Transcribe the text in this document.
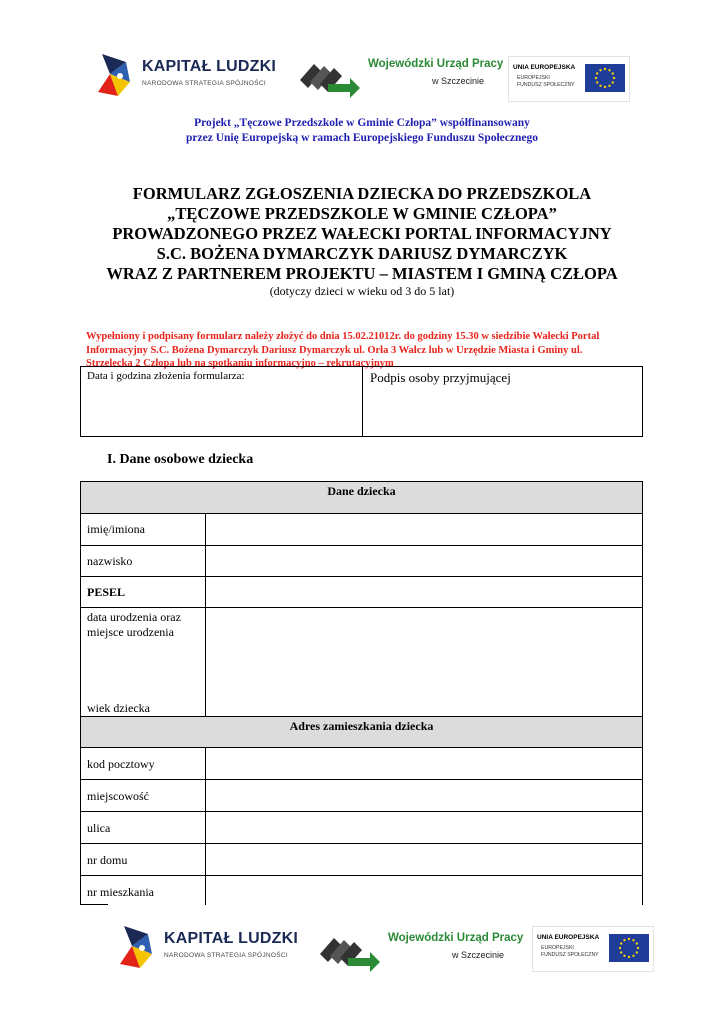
KAPITAŁ LUDZKI
NARODOWA STRATEGIA SPÓJNOŚCI
Wojewódzki Urząd Pracy
w Szczecinie
UNIA EUROPEJSKA
EUROPEJSKI
FUNDUSZ SPOŁECZNY
Projekt „Tęczowe Przedszkole w Gminie Człopa” współfinansowany
przez Unię Europejską w ramach Europejskiego Funduszu Społecznego
FORMULARZ ZGŁOSZENIA DZIECKA DO PRZEDSZKOLA
„TĘCZOWE PRZEDSZKOLE W GMINIE CZŁOPA”
PROWADZONEGO PRZEZ WAŁECKI PORTAL INFORMACYJNY
S.C. BOŻENA DYMARCZYK DARIUSZ DYMARCZYK
WRAZ Z PARTNEREM PROJEKTU – MIASTEM I GMINĄ CZŁOPA
(dotyczy dzieci w wieku od 3 do 5 lat)
Wypełniony i podpisany formularz należy złożyć do dnia 15.02.21012r. do godziny 15.30 w siedzibie Wałecki Portal
Informacyjny S.C. Bożena Dymarczyk Dariusz Dymarczyk ul. Orła 3 Wałcz lub w Urzędzie Miasta i Gminy ul.
Strzelecka 2 Człopa lub na spotkaniu informacyjno – rekrutacyjnym
Data i godzina złożenia formularza:	Podpis osoby przyjmującej
I. Dane osobowe dziecka
Dane dziecka
imię/imiona
nazwisko
PESEL
data urodzenia oraz
miejsce urodzenia
wiek dziecka
Adres zamieszkania dziecka
kod pocztowy
miejscowość
ulica
nr domu
nr mieszkania
KAPITAŁ LUDZKI
NARODOWA STRATEGIA SPÓJNOŚCI
Wojewódzki Urząd Pracy
w Szczecinie
UNIA EUROPEJSKA
EUROPEJSKI
FUNDUSZ SPOŁECZNY
